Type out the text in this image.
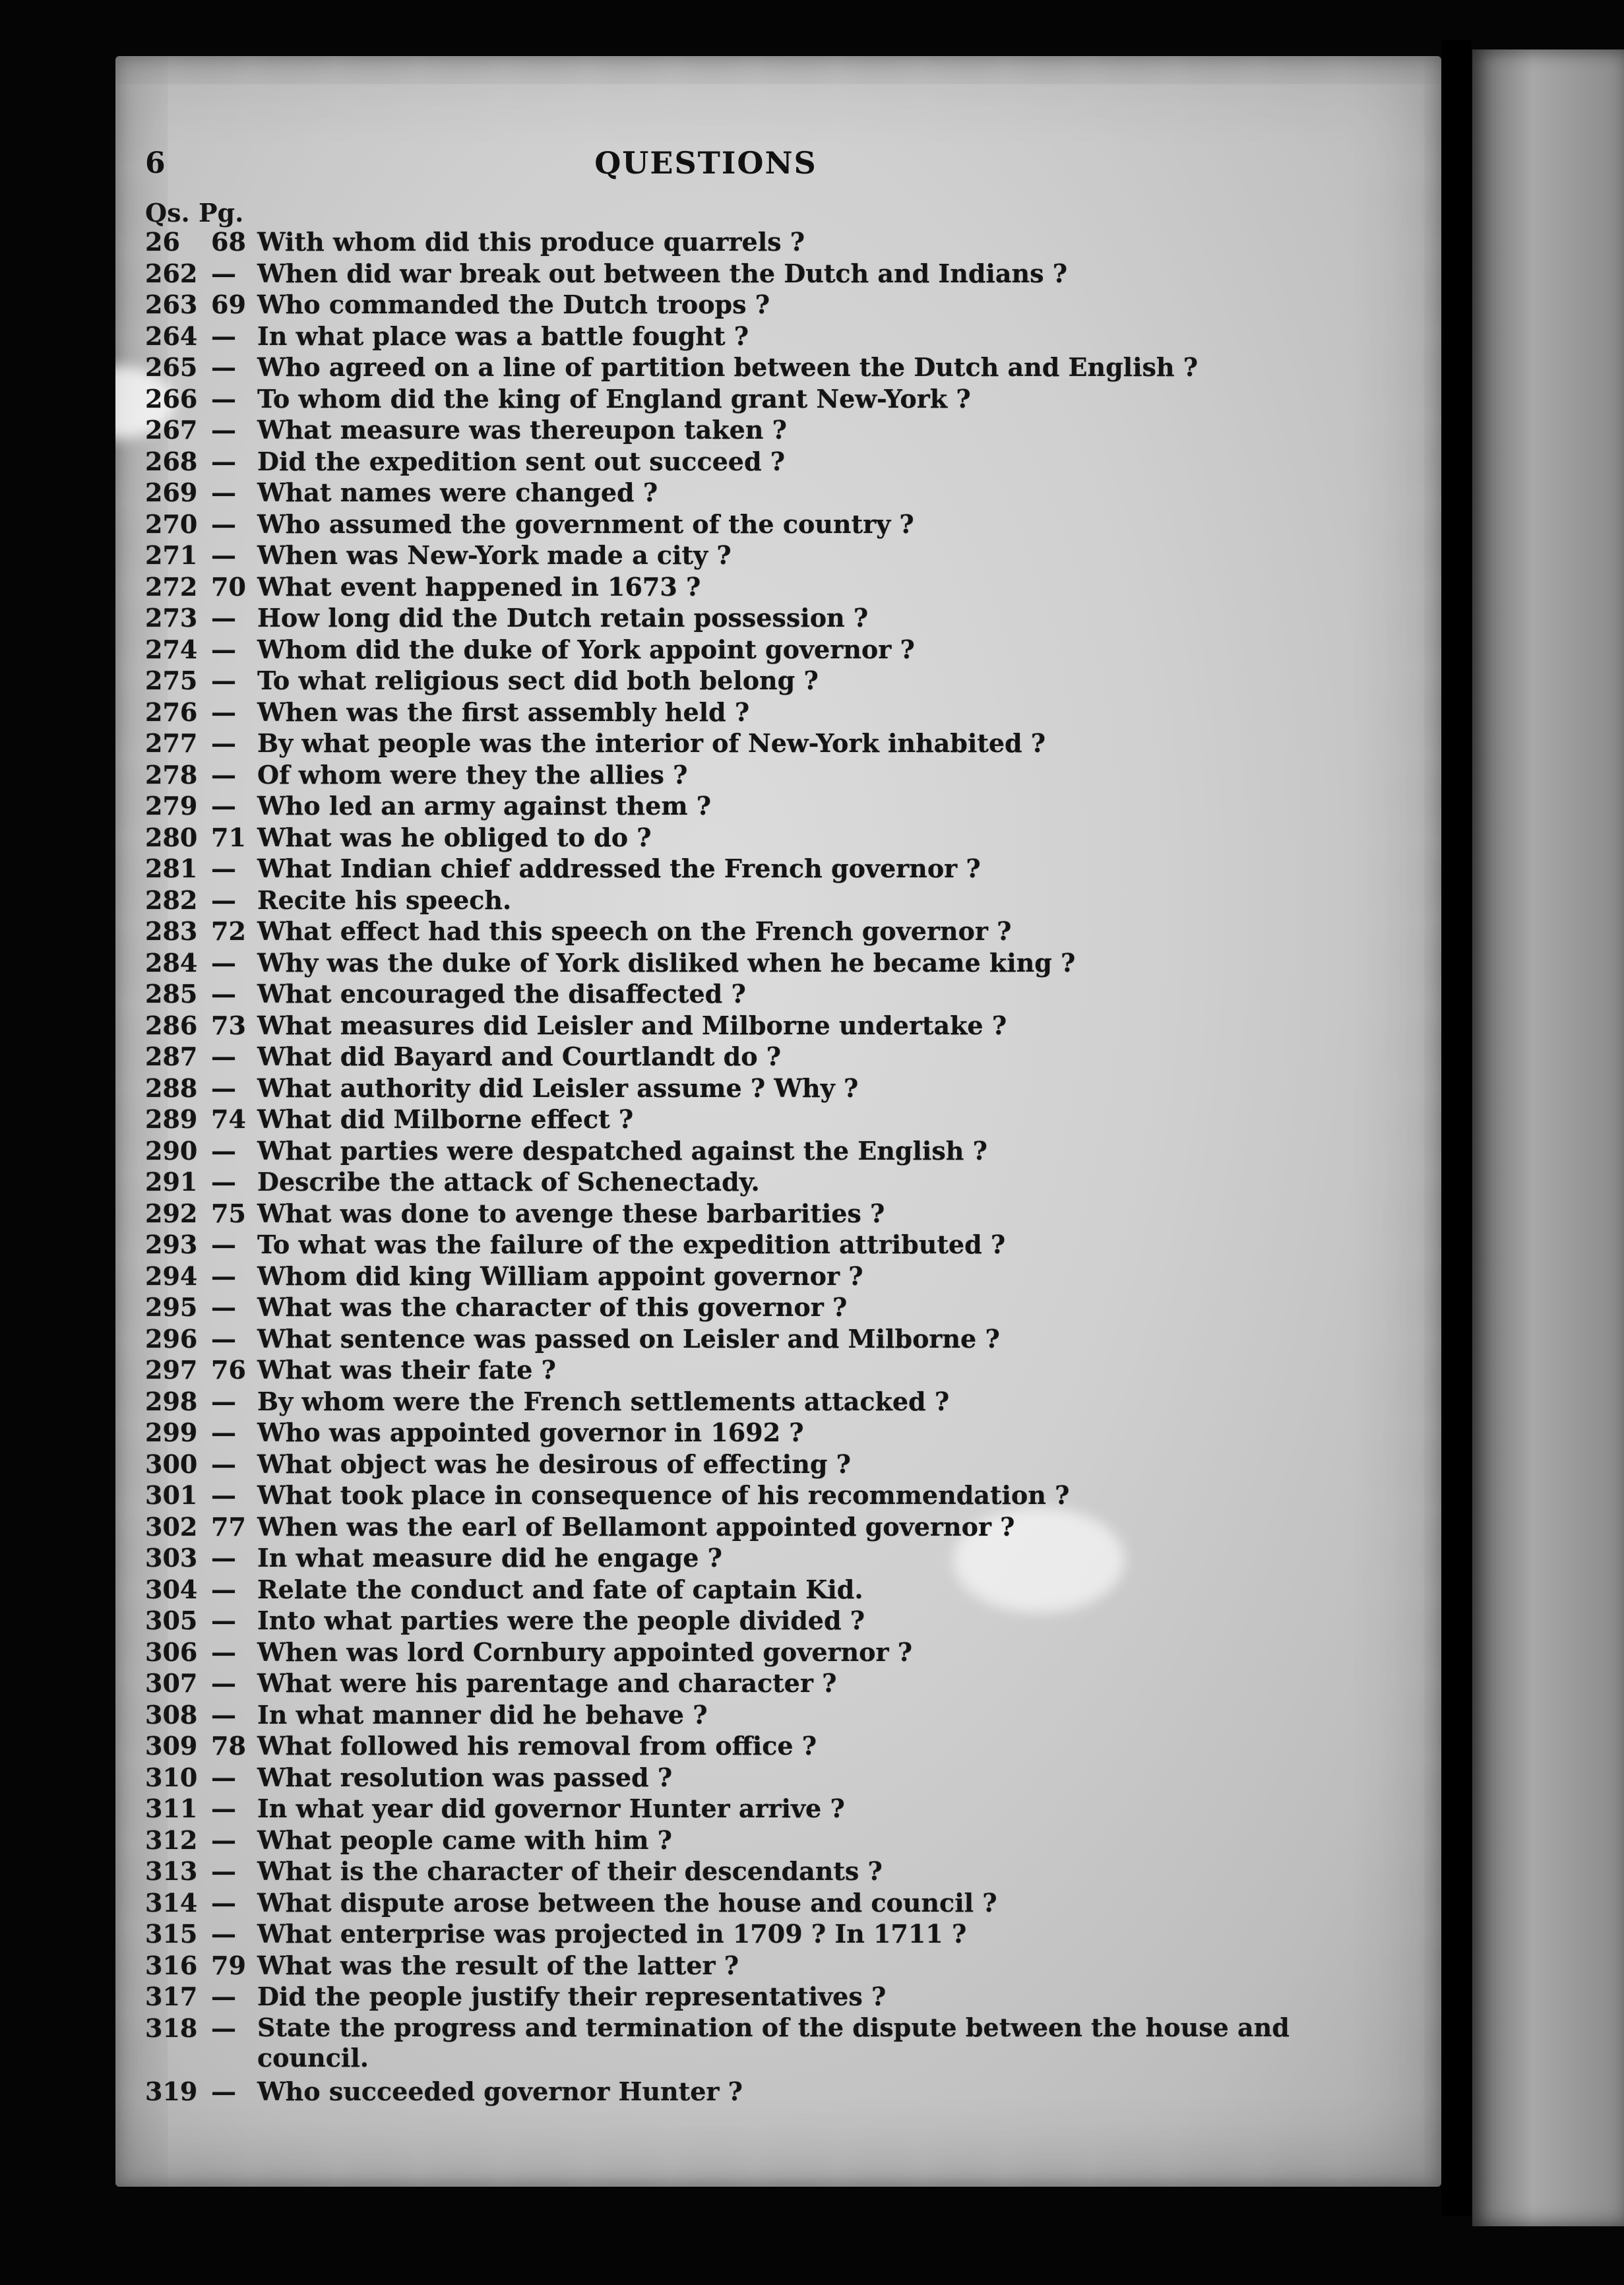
6	QUESTIONS
Qs. Pg.
26	68 With whom did this produce quarrels ?
262 — When did war break out between the Dutch and Indians ?
263 69 Who commanded the Dutch troops ?
264 — In what place was a battle fought ?
265 — Who agreed on a line of partition between the Dutch and English ?
266 — To whom did the king of England grant New-York ?
267 — What measure was thereupon taken ?
268 — Did the expedition sent out succeed ?
269 — What names were changed ?
270 — Who assumed the government of the country ?
271 — When was New-York made a city ?
272 70 What event happened in 1673 ?
273 — How long did the Dutch retain possession ?
274 — Whom did the duke of York appoint governor ?
275 — To what religious sect did both belong ?
276 — When was the first assembly held ?
277 — By what people was the interior of New-York inhabited ?
278 — Of whom were they the allies ?
279 — Who led an army against them ?
280 71 What was he obliged to do ?
281 — What Indian chief addressed the French governor ?
282 — Recite his speech.
283 72 What effect had this speech on the French governor ?
284 — Why was the duke of York disliked when he became king ?
285 — What encouraged the disaffected ?
286 73 What measures did Leisler and Milborne undertake ?
287 — What did Bayard and Courtlandt do ?
288 — What authority did Leisler assume ? Why ?
289 74 What did Milborne effect ?
290 — What parties were despatched against the English ?
291 — Describe the attack of Schenectady.
292 75 What was done to avenge these barbarities ?
293 — To what was the failure of the expedition attributed ?
294 — Whom did king William appoint governor ?
295 — What was the character of this governor ?
296 — What sentence was passed on Leisler and Milborne ?
297 76 What was their fate ?
298 — By whom were the French settlements attacked ?
299 — Who was appointed governor in 1692 ?
300 — What object was he desirous of effecting ?
301 — What took place in consequence of his recommendation ?
302 77 When was the earl of Bellamont appointed governor ?
303 — In what measure did he engage ?
304 — Relate the conduct and fate of captain Kid.
305 — Into what parties were the people divided ?
306 — When was lord Cornbury appointed governor ?
307 — What were his parentage and character ?
308 — In what manner did he behave ?
309 78 What followed his removal from office ?
310 — What resolution was passed ?
311 — In what year did governor Hunter arrive ?
312 — What people came with him ?
313 — What is the character of their descendants ?
314 — What dispute arose between the house and council ?
315 — What enterprise was projected in 1709 ? In 1711 ?
316 79 What was the result of the latter ?
317 — Did the people justify their representatives ?
318 — State the progress and termination of the dispute between the house and council.
319 — Who succeeded governor Hunter ?
